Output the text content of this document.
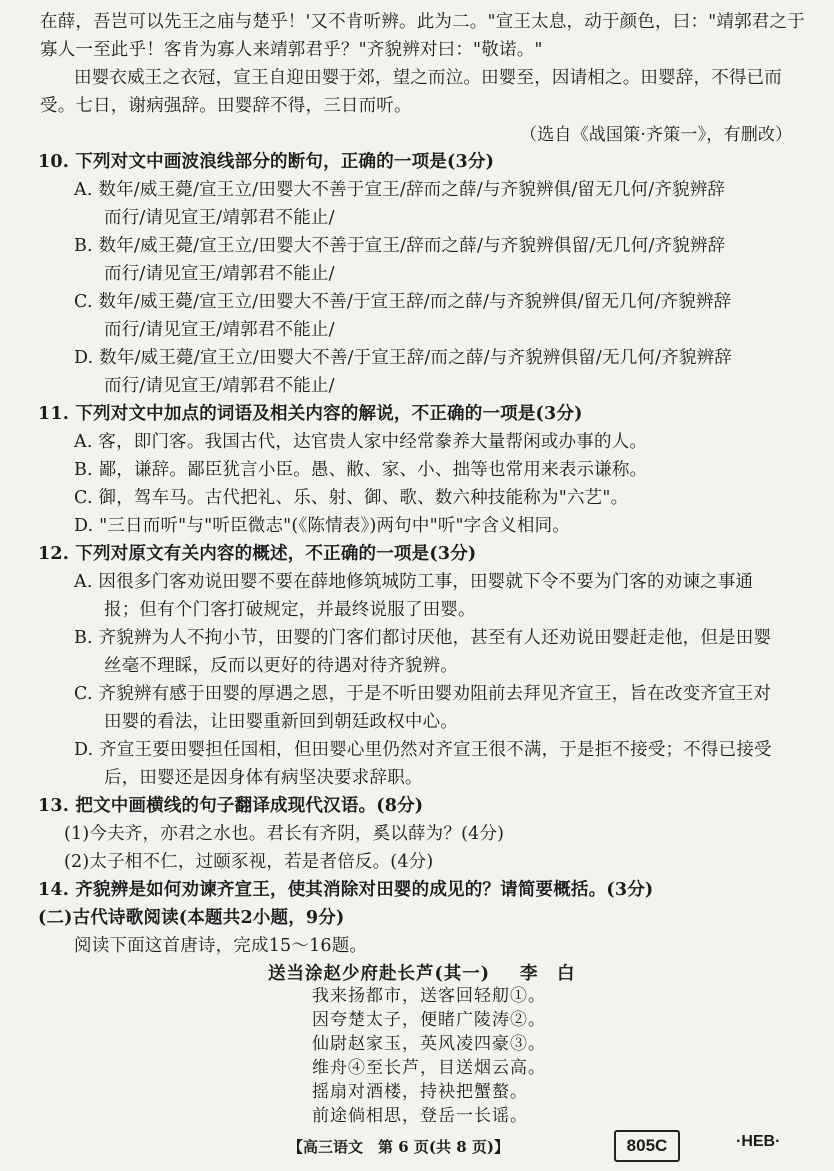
在薛，吾岂可以先王之庙与楚乎！'又不肯听辨。此为二。"宣王太息，动于颜色，曰："靖郭君之于
寡人一至此乎！客肯为寡人来靖郭君乎？"齐貌辨对曰："敬诺。"
田婴衣威王之衣冠，宣王自迎田婴于郊，望之而泣。田婴至，因请相之。田婴辞，不得已而
受。七日，谢病强辞。田婴辞不得，三日而听。
（选自《战国策·齐策一》，有删改）
10. 下列对文中画波浪线部分的断句，正确的一项是(3分)
A. 数年/威王薨/宣王立/田婴大不善于宣王/辞而之薛/与齐貌辨俱/留无几何/齐貌辨辞
而行/请见宣王/靖郭君不能止/
B. 数年/威王薨/宣王立/田婴大不善于宣王/辞而之薛/与齐貌辨俱留/无几何/齐貌辨辞
而行/请见宣王/靖郭君不能止/
C. 数年/威王薨/宣王立/田婴大不善/于宣王辞/而之薛/与齐貌辨俱/留无几何/齐貌辨辞
而行/请见宣王/靖郭君不能止/
D. 数年/威王薨/宣王立/田婴大不善/于宣王辞/而之薛/与齐貌辨俱留/无几何/齐貌辨辞
而行/请见宣王/靖郭君不能止/
11. 下列对文中加点的词语及相关内容的解说，不正确的一项是(3分)
A. 客，即门客。我国古代，达官贵人家中经常豢养大量帮闲或办事的人。
B. 鄙，谦辞。鄙臣犹言小臣。愚、敝、家、小、拙等也常用来表示谦称。
C. 御，驾车马。古代把礼、乐、射、御、歌、数六种技能称为"六艺"。
D. "三日而听"与"听臣微志"(《陈情表》)两句中"听"字含义相同。
12. 下列对原文有关内容的概述，不正确的一项是(3分)
A. 因很多门客劝说田婴不要在薛地修筑城防工事，田婴就下令不要为门客的劝谏之事通
报；但有个门客打破规定，并最终说服了田婴。
B. 齐貌辨为人不拘小节，田婴的门客们都讨厌他，甚至有人还劝说田婴赶走他，但是田婴
丝毫不理睬，反而以更好的待遇对待齐貌辨。
C. 齐貌辨有感于田婴的厚遇之恩，于是不听田婴劝阻前去拜见齐宣王，旨在改变齐宣王对
田婴的看法，让田婴重新回到朝廷政权中心。
D. 齐宣王要田婴担任国相，但田婴心里仍然对齐宣王很不满，于是拒不接受；不得已接受
后，田婴还是因身体有病坚决要求辞职。
13. 把文中画横线的句子翻译成现代汉语。(8分)
(1)今夫齐，亦君之水也。君长有齐阴，奚以薛为？(4分)
(2)太子相不仁，过颐豕视，若是者倍反。(4分)
14. 齐貌辨是如何劝谏齐宣王，使其消除对田婴的成见的？请简要概括。(3分)
(二)古代诗歌阅读(本题共2小题，9分)
阅读下面这首唐诗，完成15～16题。
送当涂赵少府赴长芦(其一) 李　白
我来扬都市，送客回轻舠①。
因夸楚太子，便睹广陵涛②。
仙尉赵家玉，英风凌四豪③。
维舟④至长芦，目送烟云高。
摇扇对酒楼，持袂把蟹螯。
【高三语文　第 6 页(共 8 页)】	805C	·HEB·
前途倘相思，登岳一长谣。
